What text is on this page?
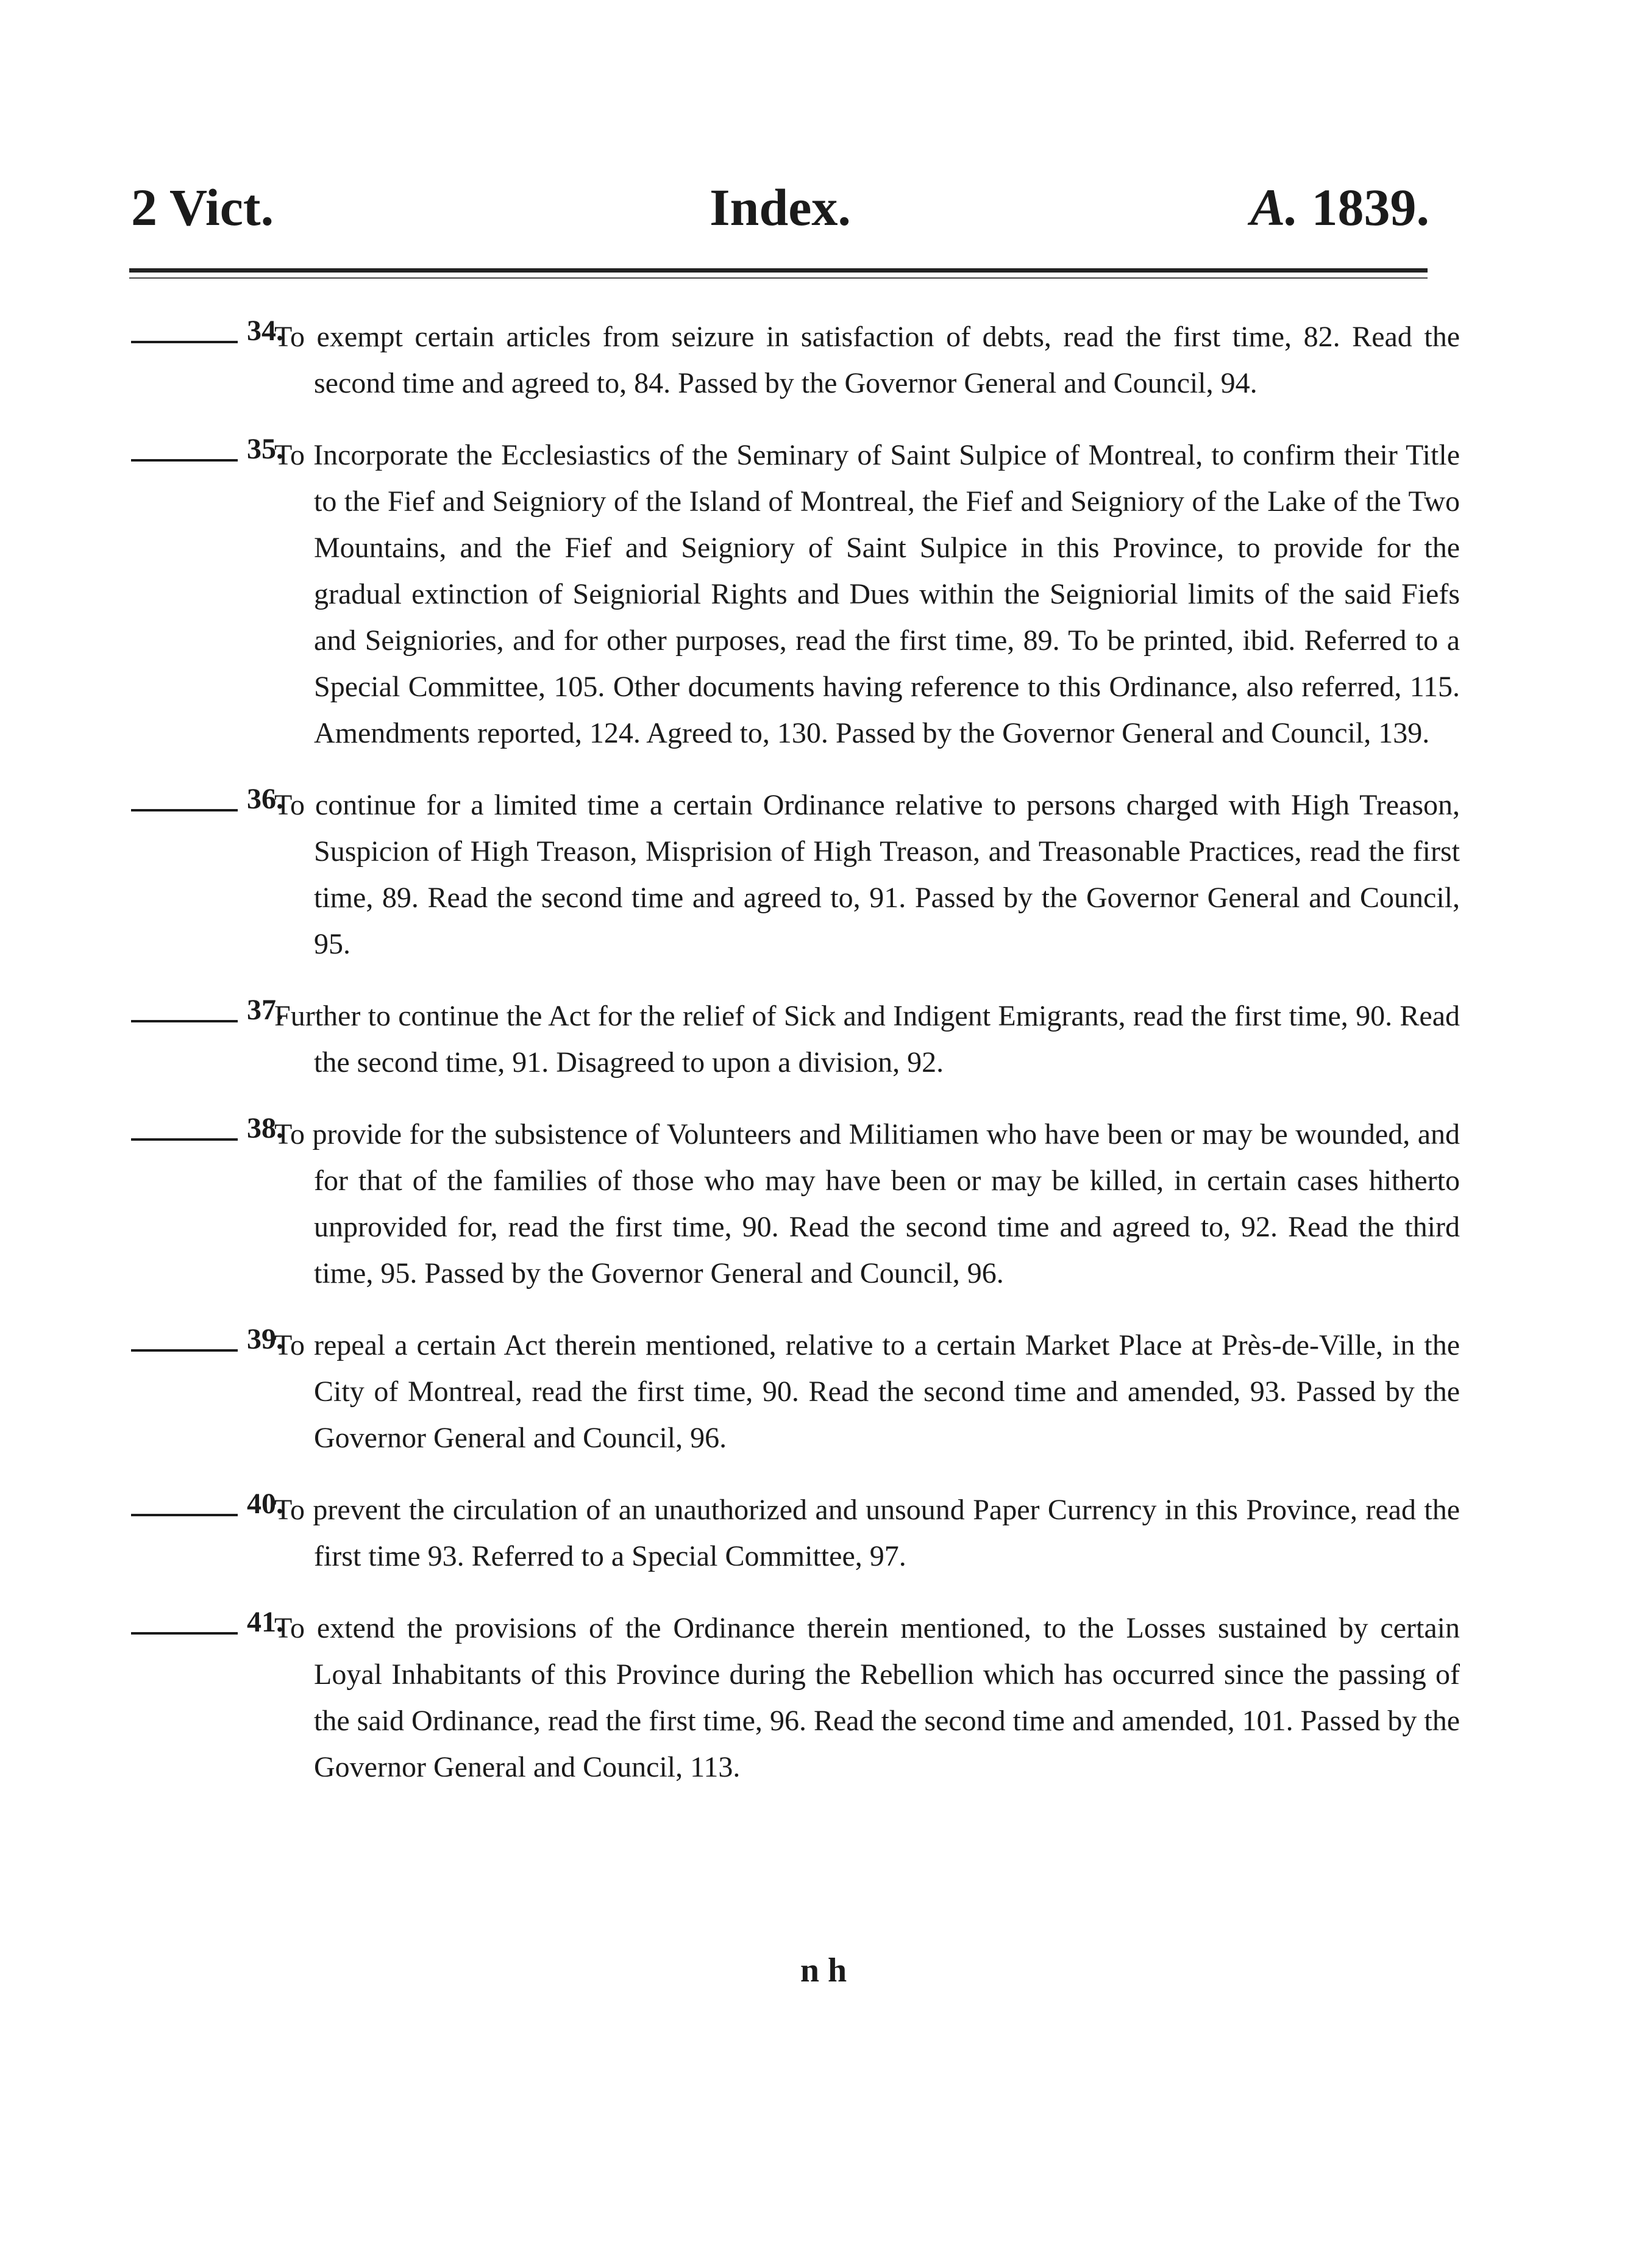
2 Vict.	Index.	A. 1839.
34.
To exempt certain articles from seizure in satisfaction of debts, read the first time, 82. Read the second time and agreed to, 84. Passed by the Governor General and Council, 94.
35.
To Incorporate the Ecclesiastics of the Seminary of Saint Sulpice of Montreal, to confirm their Title to the Fief and Seigniory of the Island of Montreal, the Fief and Seigniory of the Lake of the Two Mountains, and the Fief and Seigniory of Saint Sulpice in this Province, to provide for the gradual extinction of Seigniorial Rights and Dues within the Seigniorial limits of the said Fiefs and Seigniories, and for other purposes, read the first time, 89. To be printed, ibid. Referred to a Special Committee, 105. Other documents having reference to this Ordinance, also referred, 115. Amendments reported, 124. Agreed to, 130. Passed by the Governor General and Council, 139.
36.
To continue for a limited time a certain Ordinance relative to persons charged with High Treason, Suspicion of High Treason, Misprision of High Treason, and Treasonable Practices, read the first time, 89. Read the second time and agreed to, 91. Passed by the Governor General and Council, 95.
37.
Further to continue the Act for the relief of Sick and Indigent Emigrants, read the first time, 90. Read the second time, 91. Disagreed to upon a division, 92.
38.
To provide for the subsistence of Volunteers and Militiamen who have been or may be wounded, and for that of the families of those who may have been or may be killed, in certain cases hitherto unprovided for, read the first time, 90. Read the second time and agreed to, 92. Read the third time, 95. Passed by the Governor General and Council, 96.
39.
To repeal a certain Act therein mentioned, relative to a certain Market Place at Près-de-Ville, in the City of Montreal, read the first time, 90. Read the second time and amended, 93. Passed by the Governor General and Council, 96.
40.
To prevent the circulation of an unauthorized and unsound Paper Currency in this Province, read the first time 93. Referred to a Special Committee, 97.
41.
To extend the provisions of the Ordinance therein mentioned, to the Losses sustained by certain Loyal Inhabitants of this Province during the Rebellion which has occurred since the passing of the said Ordinance, read the first time, 96. Read the second time and amended, 101. Passed by the Governor General and Council, 113.
n h
